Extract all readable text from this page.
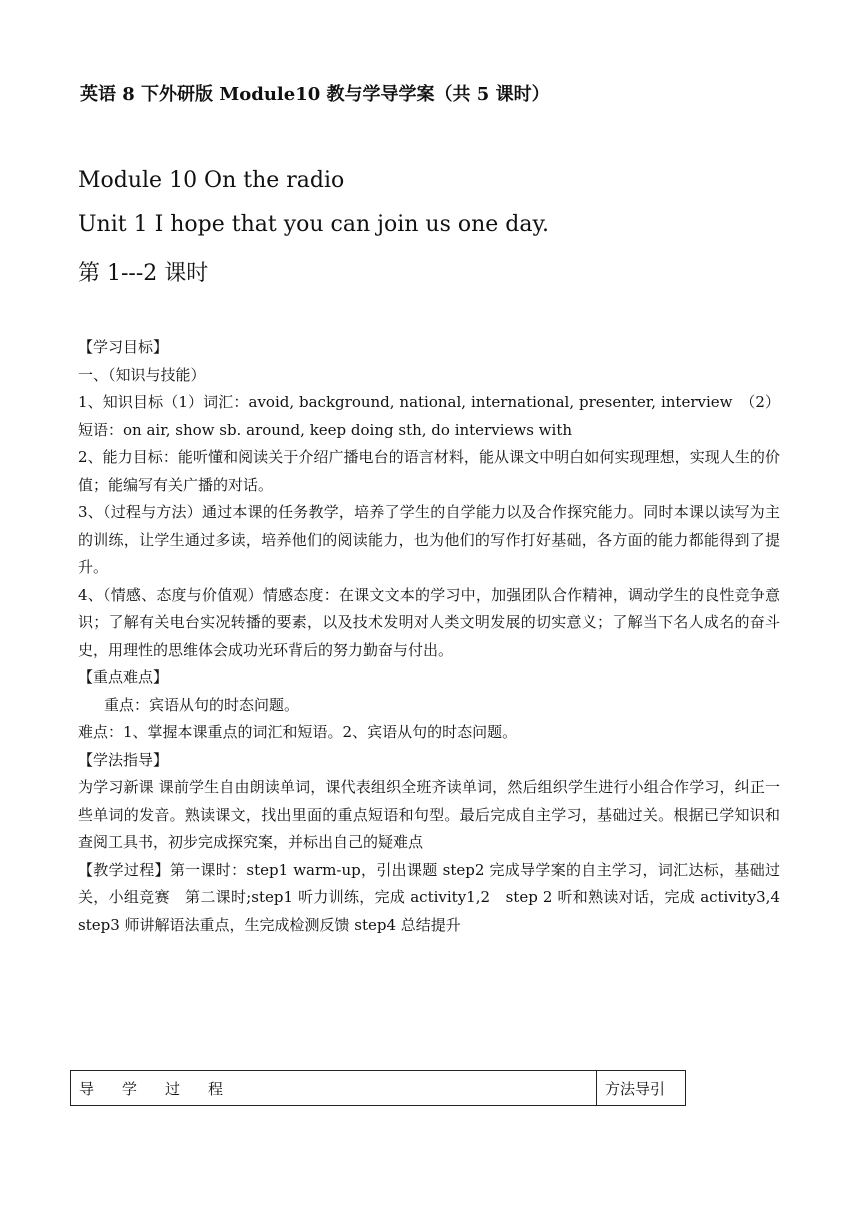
英语 8 下外研版 Module10 教与学导学案（共 5 课时）
Module 10 On the radio
Unit 1 I hope that you can join us one day.
第 1---2 课时

【学习目标】

一、（知识与技能）

1、知识目标（1）词汇：avoid, background, national, international, presenter, interview　（2）短语：on air, show sb. around, keep doing sth, do interviews with

2、能力目标：能听懂和阅读关于介绍广播电台的语言材料，能从课文中明白如何实现理想，实现人生的价值；能编写有关广播的对话。

3、（过程与方法）通过本课的任务教学，培养了学生的自学能力以及合作探究能力。同时本课以读写为主的训练，让学生通过多读，培养他们的阅读能力，也为他们的写作打好基础，各方面的能力都能得到了提升。

4、（情感、态度与价值观）情感态度：在课文文本的学习中，加强团队合作精神，调动学生的良性竞争意识；了解有关电台实况转播的要素，以及技术发明对人类文明发展的切实意义；了解当下名人成名的奋斗史，用理性的思维体会成功光环背后的努力勤奋与付出。

【重点难点】

重点：宾语从句的时态问题。

难点：1、掌握本课重点的词汇和短语。2、宾语从句的时态问题。

【学法指导】

为学习新课 课前学生自由朗读单词，课代表组织全班齐读单词，然后组织学生进行小组合作学习，纠正一些单词的发音。熟读课文，找出里面的重点短语和句型。最后完成自主学习，基础过关。根据已学知识和查阅工具书，初步完成探究案，并标出自己的疑难点

【教学过程】第一课时：step1 warm-up，引出课题 step2 完成导学案的自主学习，词汇达标，基础过关，小组竞赛　第二课时;step1 听力训练，完成 activity1,2　step 2 听和熟读对话，完成 activity3,4　step3 师讲解语法重点，生完成检测反馈 step4 总结提升

导学过程	方法导引
